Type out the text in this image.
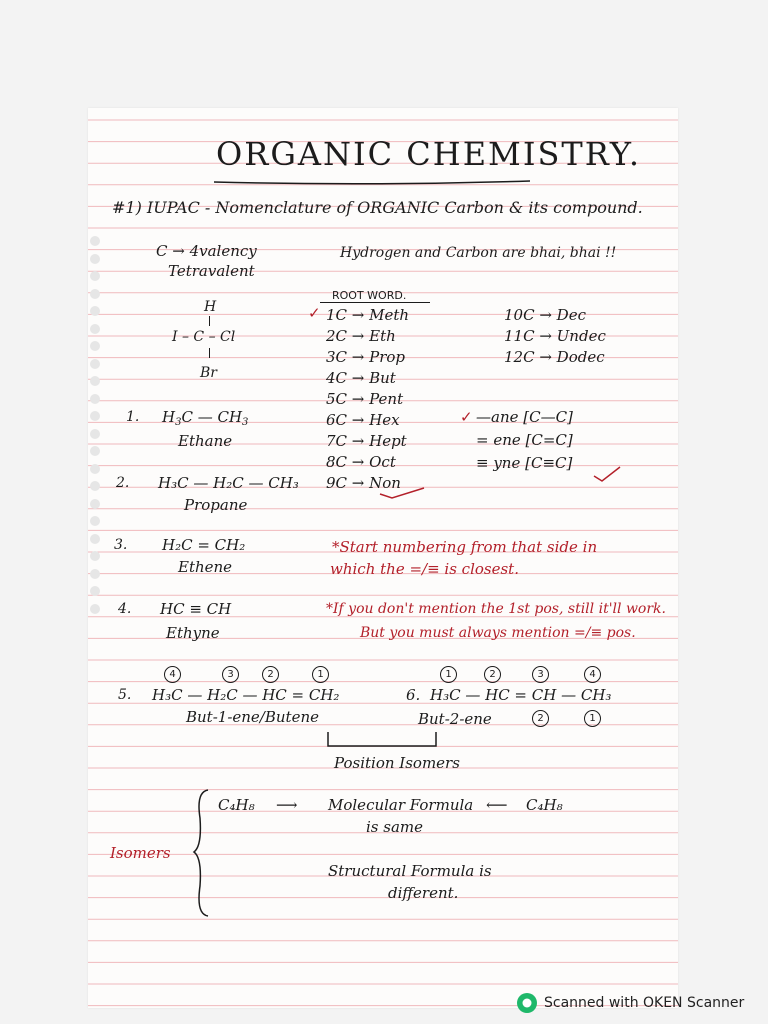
ORGANIC CHEMISTRY.
#1) IUPAC - Nomenclature of ORGANIC Carbon & its compound.
C → 4valency
Tetravalent
Hydrogen and Carbon are bhai, bhai !!
H
I – C – Cl
Br
ROOT WORD.
✓ 1C → Meth
2C → Eth
3C → Prop
4C → But
5C → Pent
6C → Hex
7C → Hept
8C → Oct
9C → Non
10C → Dec
11C → Undec
12C → Dodec
✓ —ane [C—C]
= ene [C=C]
≡ yne [C≡C]
1. $H_3C$ — $CH_3$
Ethane
2. H₃C — H₂C — CH₃
Propane
3. H₂C = CH₂
Ethene
*Start numbering from that side in
which the =/≡ is closest.
4. HC ≡ CH
Ethyne
*If you don't mention the 1st pos, still it'll work.
But you must always mention =/≡ pos.
4	3	2	1
5. H₃C — H₂C — HC = CH₂
But-1-ene/Butene
1	2	3	4
6. H₃C — HC = CH — CH₃
But-2-ene	2	1
Position Isomers
Isomers
C₄H₈ ⟶ Molecular Formula ⟵ C₄H₈
is same
Structural Formula is
different.
Scanned with OKEN Scanner
